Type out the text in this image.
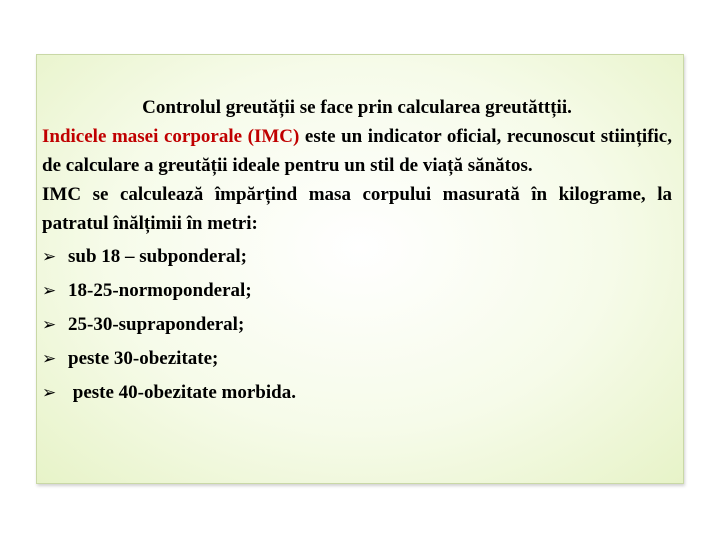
Controlul greutății se face prin calcularea greutăttții.

Indicele masei corporale (IMC) este un indicator oficial, recunoscut stiințific, de calculare a greutății ideale pentru un stil de viață sănătos.

IMC se calculează împărțind masa corpului masurată în kilograme, la patratul înălțimii în metri:

➢ sub 18 – subponderal;
➢ 18-25-normoponderal;
➢ 25-30-supraponderal;
➢ peste 30-obezitate;
➢ peste 40-obezitate morbida.
